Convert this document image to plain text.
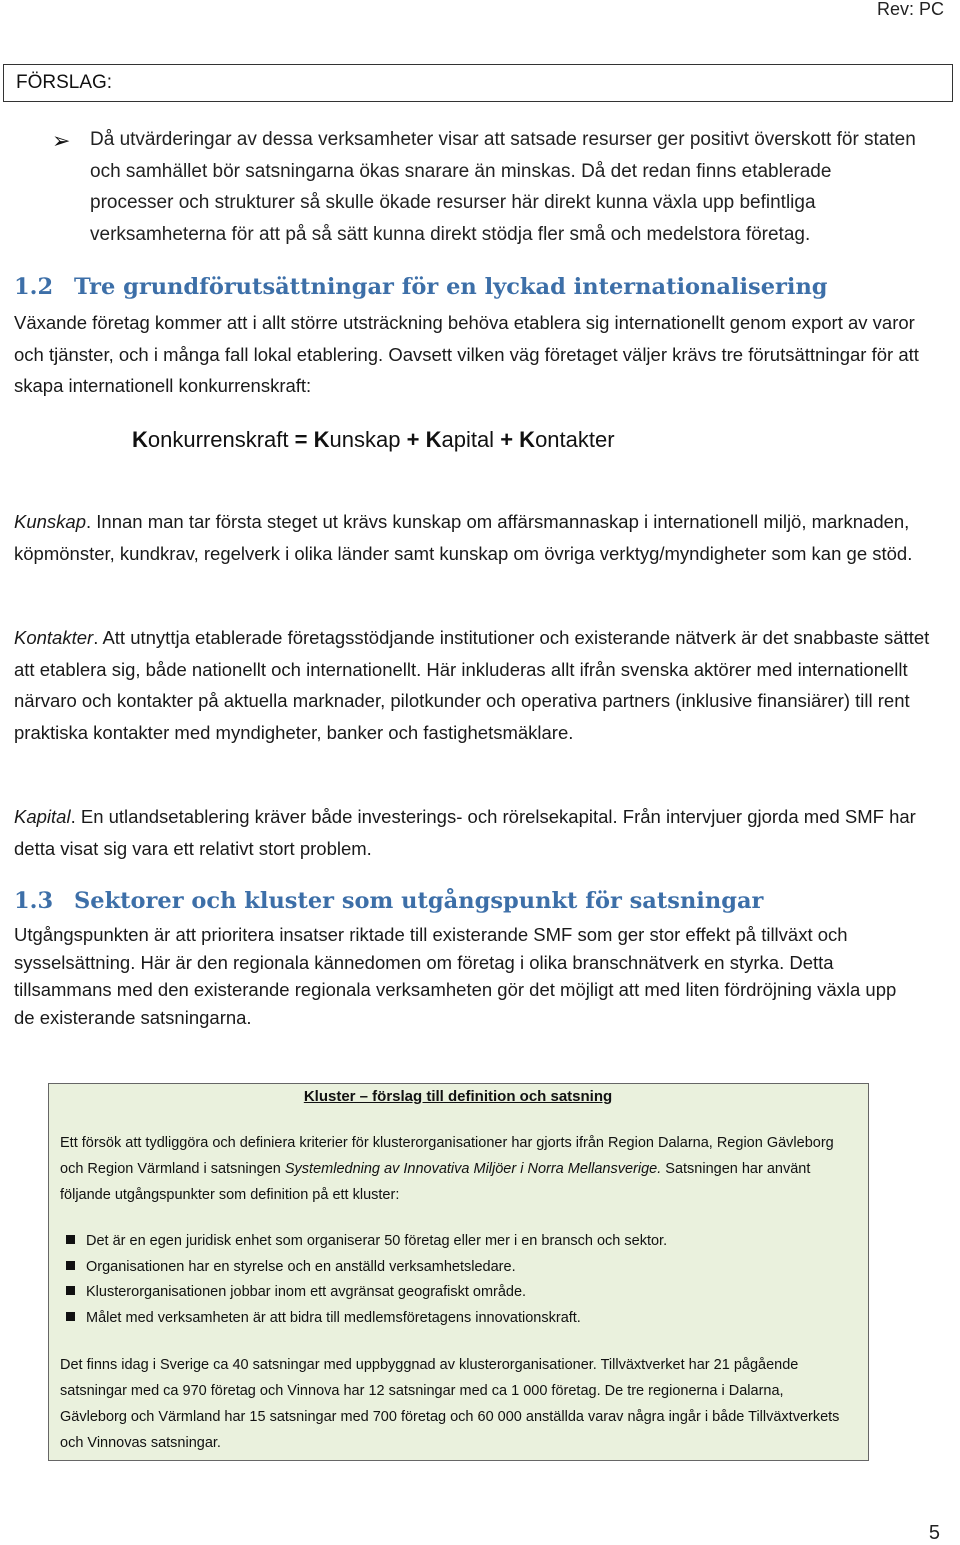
Rev: PC
FÖRSLAG:
➢ Då utvärderingar av dessa verksamheter visar att satsade resurser ger positivt överskott för staten och samhället bör satsningarna ökas snarare än minskas. Då det redan finns etablerade processer och strukturer så skulle ökade resurser här direkt kunna växla upp befintliga verksamheterna för att på så sätt kunna direkt stödja fler små och medelstora företag.
1.2 Tre grundförutsättningar för en lyckad internationalisering
Växande företag kommer att i allt större utsträckning behöva etablera sig internationellt genom export av varor och tjänster, och i många fall lokal etablering. Oavsett vilken väg företaget väljer krävs tre förutsättningar för att skapa internationell konkurrenskraft:
Konkurrenskraft = Kunskap + Kapital + Kontakter
Kunskap. Innan man tar första steget ut krävs kunskap om affärsmannaskap i internationell miljö, marknaden, köpmönster, kundkrav, regelverk i olika länder samt kunskap om övriga verktyg/myndigheter som kan ge stöd.
Kontakter. Att utnyttja etablerade företagsstödjande institutioner och existerande nätverk är det snabbaste sättet att etablera sig, både nationellt och internationellt. Här inkluderas allt ifrån svenska aktörer med internationellt närvaro och kontakter på aktuella marknader, pilotkunder och operativa partners (inklusive finansiärer) till rent praktiska kontakter med myndigheter, banker och fastighetsmäklare.
Kapital. En utlandsetablering kräver både investerings- och rörelsekapital. Från intervjuer gjorda med SMF har detta visat sig vara ett relativt stort problem.
1.3 Sektorer och kluster som utgångspunkt för satsningar
Utgångspunkten är att prioritera insatser riktade till existerande SMF som ger stor effekt på tillväxt och sysselsättning. Här är den regionala kännedomen om företag i olika branschnätverk en styrka. Detta tillsammans med den existerande regionala verksamheten gör det möjligt att med liten fördröjning växla upp de existerande satsningarna.
Kluster – förslag till definition och satsning
Ett försök att tydliggöra och definiera kriterier för klusterorganisationer har gjorts ifrån Region Dalarna, Region Gävleborg och Region Värmland i satsningen Systemledning av Innovativa Miljöer i Norra Mellansverige. Satsningen har använt följande utgångspunkter som definition på ett kluster:
Det är en egen juridisk enhet som organiserar 50 företag eller mer i en bransch och sektor.
Organisationen har en styrelse och en anställd verksamhetsledare.
Klusterorganisationen jobbar inom ett avgränsat geografiskt område.
Målet med verksamheten är att bidra till medlemsföretagens innovationskraft.
Det finns idag i Sverige ca 40 satsningar med uppbyggnad av klusterorganisationer. Tillväxtverket har 21 pågående satsningar med ca 970 företag och Vinnova har 12 satsningar med ca 1 000 företag. De tre regionerna i Dalarna, Gävleborg och Värmland har 15 satsningar med 700 företag och 60 000 anställda varav några ingår i både Tillväxtverkets och Vinnovas satsningar.
5
